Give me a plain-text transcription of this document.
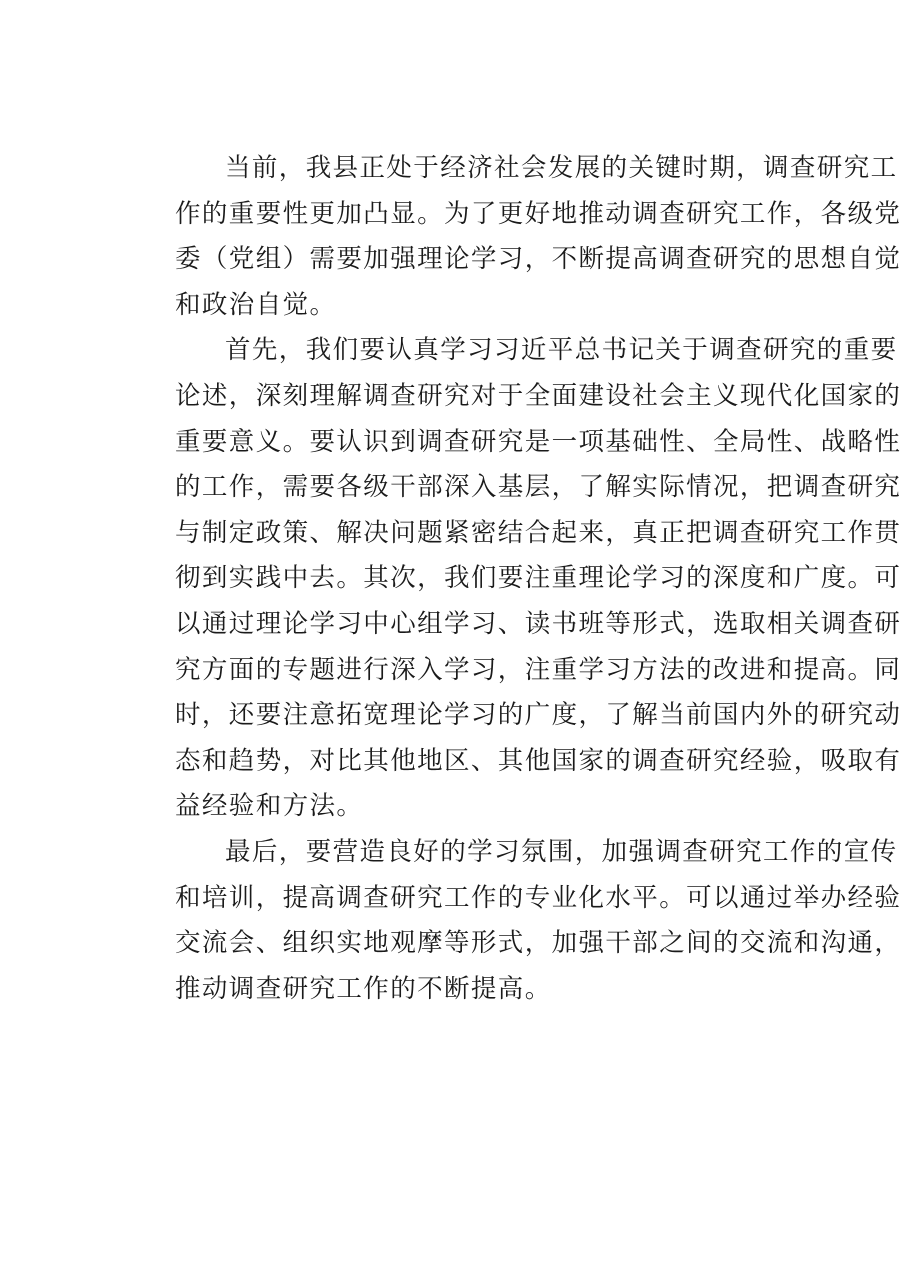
当前，我县正处于经济社会发展的关键时期，调查研究工
作的重要性更加凸显。为了更好地推动调查研究工作，各级党
委（党组）需要加强理论学习，不断提高调查研究的思想自觉
和政治自觉。
首先，我们要认真学习习近平总书记关于调查研究的重要
论述，深刻理解调查研究对于全面建设社会主义现代化国家的
重要意义。要认识到调查研究是一项基础性、全局性、战略性
的工作，需要各级干部深入基层，了解实际情况，把调查研究
与制定政策、解决问题紧密结合起来，真正把调查研究工作贯
彻到实践中去。其次，我们要注重理论学习的深度和广度。可
以通过理论学习中心组学习、读书班等形式，选取相关调查研
究方面的专题进行深入学习，注重学习方法的改进和提高。同
时，还要注意拓宽理论学习的广度，了解当前国内外的研究动
态和趋势，对比其他地区、其他国家的调查研究经验，吸取有
益经验和方法。
最后，要营造良好的学习氛围，加强调查研究工作的宣传
和培训，提高调查研究工作的专业化水平。可以通过举办经验
交流会、组织实地观摩等形式，加强干部之间的交流和沟通，
推动调查研究工作的不断提高。
